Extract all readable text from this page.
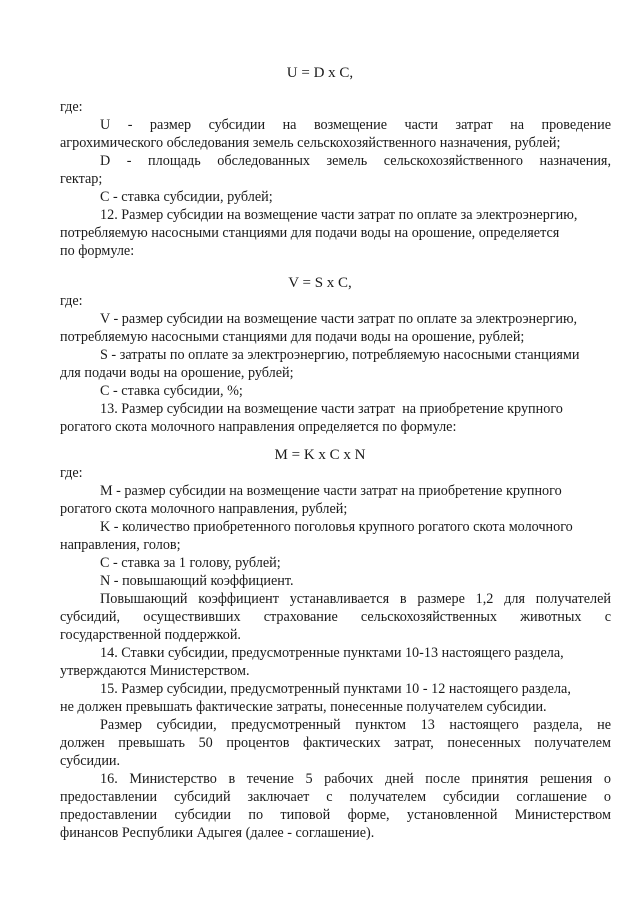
U = D x C,
где:
U - размер субсидии на возмещение части затрат на проведение
агрохимического обследования земель сельскохозяйственного назначения, рублей;
D - площадь обследованных земель сельскохозяйственного назначения,
гектар;
C - ставка субсидии, рублей;
12. Размер субсидии на возмещение части затрат по оплате за электроэнергию,
потребляемую насосными станциями для подачи воды на орошение, определяется
по формуле:
V = S x C,
где:
V - размер субсидии на возмещение части затрат по оплате за электроэнергию,
потребляемую насосными станциями для подачи воды на орошение, рублей;
S - затраты по оплате за электроэнергию, потребляемую насосными станциями
для подачи воды на орошение, рублей;
C - ставка субсидии, %;
13. Размер субсидии на возмещение части затрат  на приобретение крупного
рогатого скота молочного направления определяется по формуле:
M = K x C x N
где:
M - размер субсидии на возмещение части затрат на приобретение крупного
рогатого скота молочного направления, рублей;
K - количество приобретенного поголовья крупного рогатого скота молочного
направления, голов;
C - ставка за 1 голову, рублей;
N - повышающий коэффициент.
Повышающий коэффициент устанавливается в размере 1,2 для получателей
субсидий, осуществивших страхование сельскохозяйственных животных с
государственной поддержкой.
14. Ставки субсидии, предусмотренные пунктами 10-13 настоящего раздела,
утверждаются Министерством.
15. Размер субсидии, предусмотренный пунктами 10 - 12 настоящего раздела,
не должен превышать фактические затраты, понесенные получателем субсидии.
Размер субсидии, предусмотренный пунктом 13 настоящего раздела, не
должен превышать 50 процентов фактических затрат, понесенных получателем
субсидии.
16. Министерство в течение 5 рабочих дней после принятия решения о
предоставлении субсидий заключает с получателем субсидии соглашение о
предоставлении субсидии по типовой форме, установленной Министерством
финансов Республики Адыгея (далее - соглашение).
